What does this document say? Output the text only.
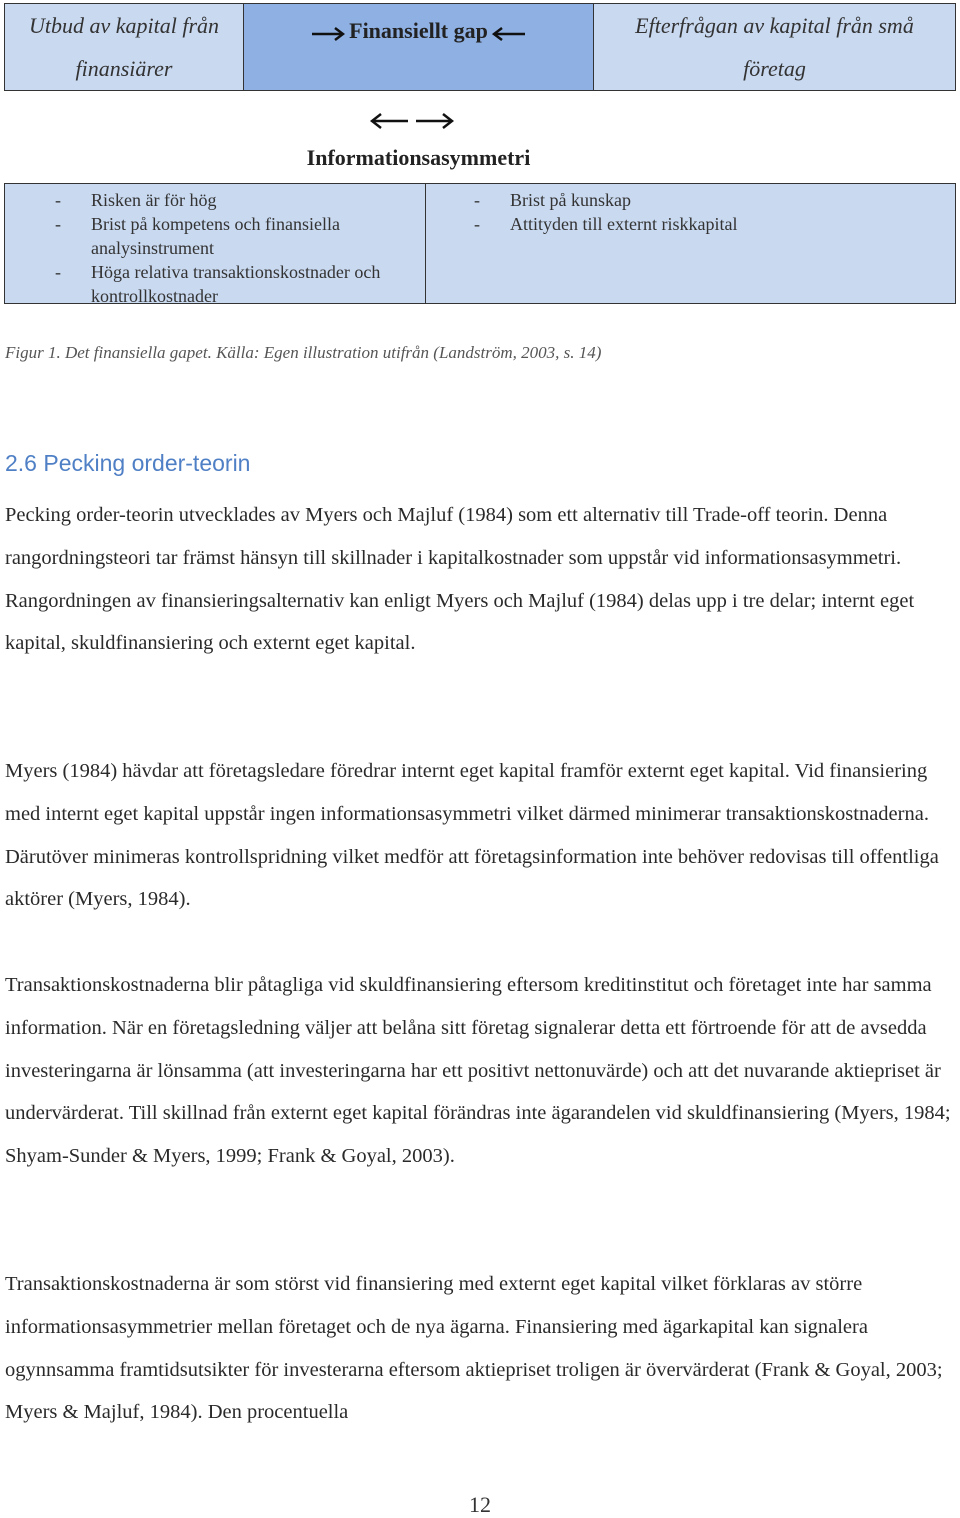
Utbud av kapital från
finansiärer
Finansiellt gap	Efterfrågan av kapital från små
företag
Informationsasymmetri
- Risken är för hög
- Brist på kompetens och finansiella analysinstrument
- Höga relativa transaktionskostnader och kontrollkostnader
- Brist på kunskap
- Attityden till externt riskkapital
Figur 1. Det finansiella gapet. Källa: Egen illustration utifrån (Landström, 2003, s. 14)
2.6 Pecking order-teorin

Pecking order-teorin utvecklades av Myers och Majluf (1984) som ett alternativ till Trade-off teorin. Denna rangordningsteori tar främst hänsyn till skillnader i kapitalkostnader som uppstår vid informationsasymmetri. Rangordningen av finansieringsalternativ kan enligt Myers och Majluf (1984) delas upp i tre delar; internt eget kapital, skuldfinansiering och externt eget kapital.

Myers (1984) hävdar att företagsledare föredrar internt eget kapital framför externt eget kapital. Vid finansiering med internt eget kapital uppstår ingen informationsasymmetri vilket därmed minimerar transaktionskostnaderna. Därutöver minimeras kontrollspridning vilket medför att företagsinformation inte behöver redovisas till offentliga aktörer (Myers, 1984).

Transaktionskostnaderna blir påtagliga vid skuldfinansiering eftersom kreditinstitut och företaget inte har samma information. När en företagsledning väljer att belåna sitt företag signalerar detta ett förtroende för att de avsedda investeringarna är lönsamma (att investeringarna har ett positivt nettonuvärde) och att det nuvarande aktiepriset är undervärderat. Till skillnad från externt eget kapital förändras inte ägarandelen vid skuldfinansiering (Myers, 1984; Shyam-Sunder & Myers, 1999; Frank & Goyal, 2003).

Transaktionskostnaderna är som störst vid finansiering med externt eget kapital vilket förklaras av större informationsasymmetrier mellan företaget och de nya ägarna. Finansiering med ägarkapital kan signalera ogynnsamma framtidsutsikter för investerarna eftersom aktiepriset troligen är övervärderat (Frank & Goyal, 2003; Myers & Majluf, 1984). Den procentuella

12
